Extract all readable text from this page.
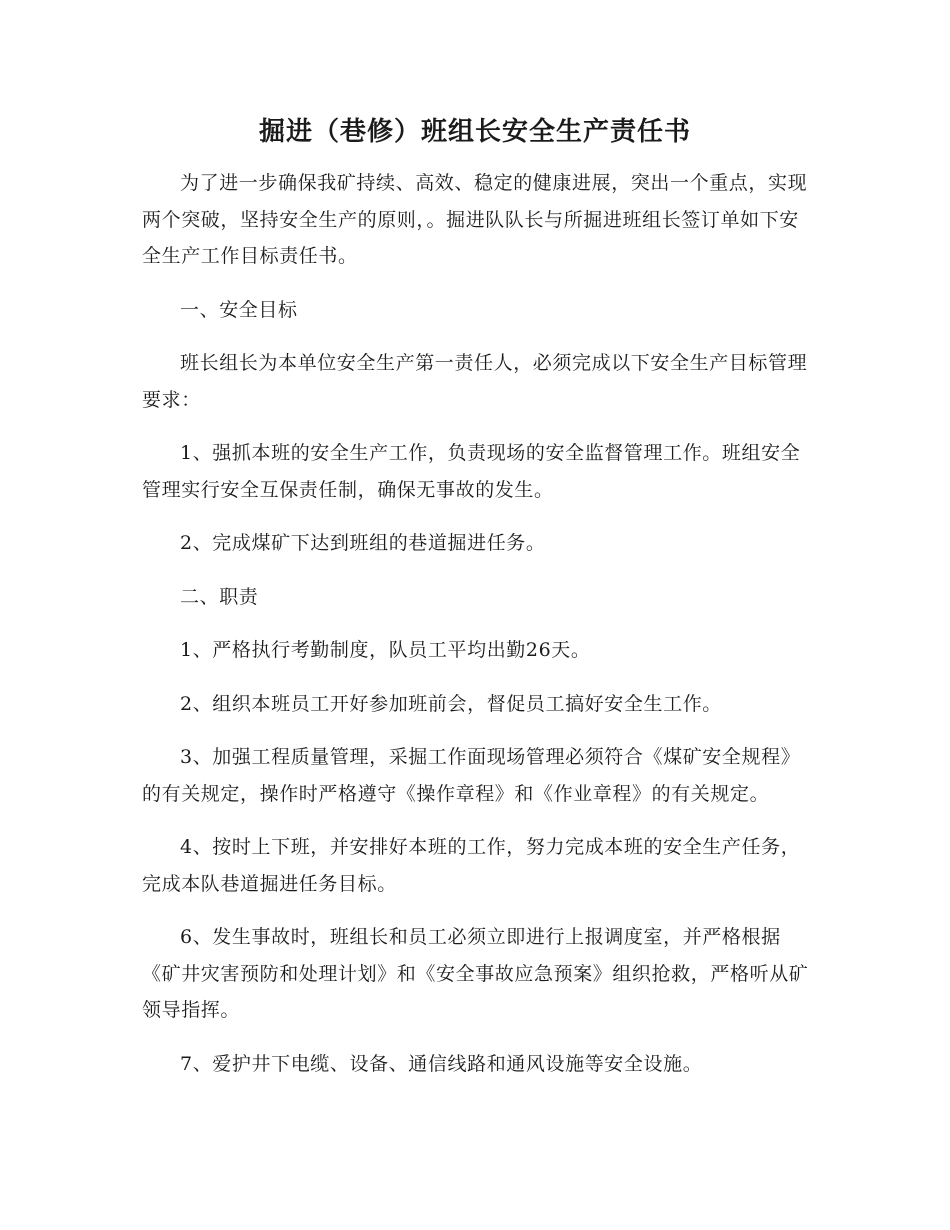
掘进（巷修）班组长安全生产责任书

为了进一步确保我矿持续、高效、稳定的健康进展，突出一个重点，实现两个突破，坚持安全生产的原则，。掘进队队长与所掘进班组长签订单如下安全生产工作目标责任书。

一、安全目标

班长组长为本单位安全生产第一责任人，必须完成以下安全生产目标管理要求：

1、强抓本班的安全生产工作，负责现场的安全监督管理工作。班组安全管理实行安全互保责任制，确保无事故的发生。

2、完成煤矿下达到班组的巷道掘进任务。

二、职责

1、严格执行考勤制度，队员工平均出勤26天。

2、组织本班员工开好参加班前会，督促员工搞好安全生工作。

3、加强工程质量管理，采掘工作面现场管理必须符合《煤矿安全规程》的有关规定，操作时严格遵守《操作章程》和《作业章程》的有关规定。

4、按时上下班，并安排好本班的工作，努力完成本班的安全生产任务，完成本队巷道掘进任务目标。

6、发生事故时，班组长和员工必须立即进行上报调度室，并严格根据《矿井灾害预防和处理计划》和《安全事故应急预案》组织抢救，严格听从矿领导指挥。

7、爱护井下电缆、设备、通信线路和通风设施等安全设施。
